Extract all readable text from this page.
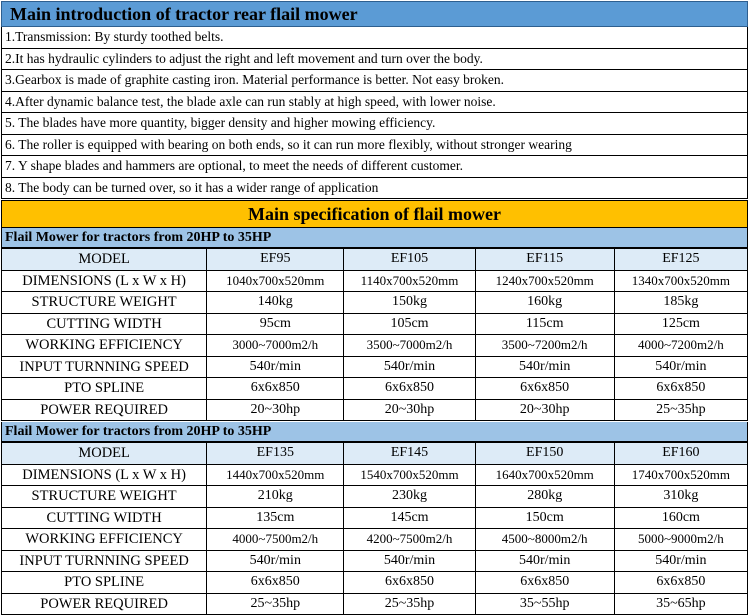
Main introduction of tractor rear flail mower
1.Transmission: By sturdy toothed belts.
2.It has hydraulic cylinders to adjust the right and left movement and turn over the body.
3.Gearbox is made of graphite casting iron. Material performance is better. Not easy broken.
4.After dynamic balance test, the blade axle can run stably at high speed, with lower noise.
5. The blades have more quantity, bigger density and higher mowing efficiency.
6. The roller is equipped with bearing on both ends, so it can run more flexibly, without stronger wearing
7. Y shape blades and hammers are optional, to meet the needs of different customer.
8. The body can be turned over, so it has a wider range of application
Main specification of flail mower
Flail Mower for tractors from 20HP to 35HP
MODEL	EF95	EF105	EF115	EF125
DIMENSIONS (L x W x H)	1040x700x520mm	1140x700x520mm	1240x700x520mm	1340x700x520mm
STRUCTURE WEIGHT	140kg	150kg	160kg	185kg
CUTTING WIDTH	95cm	105cm	115cm	125cm
WORKING EFFICIENCY	3000~7000m2/h	3500~7000m2/h	3500~7200m2/h	4000~7200m2/h
INPUT TURNNING SPEED	540r/min	540r/min	540r/min	540r/min
PTO SPLINE	6x6x850	6x6x850	6x6x850	6x6x850
POWER REQUIRED	20~30hp	20~30hp	20~30hp	25~35hp
Flail Mower for tractors from 20HP to 35HP
MODEL	EF135	EF145	EF150	EF160
DIMENSIONS (L x W x H)	1440x700x520mm	1540x700x520mm	1640x700x520mm	1740x700x520mm
STRUCTURE WEIGHT	210kg	230kg	280kg	310kg
CUTTING WIDTH	135cm	145cm	150cm	160cm
WORKING EFFICIENCY	4000~7500m2/h	4200~7500m2/h	4500~8000m2/h	5000~9000m2/h
INPUT TURNNING SPEED	540r/min	540r/min	540r/min	540r/min
PTO SPLINE	6x6x850	6x6x850	6x6x850	6x6x850
POWER REQUIRED	25~35hp	25~35hp	35~55hp	35~65hp
